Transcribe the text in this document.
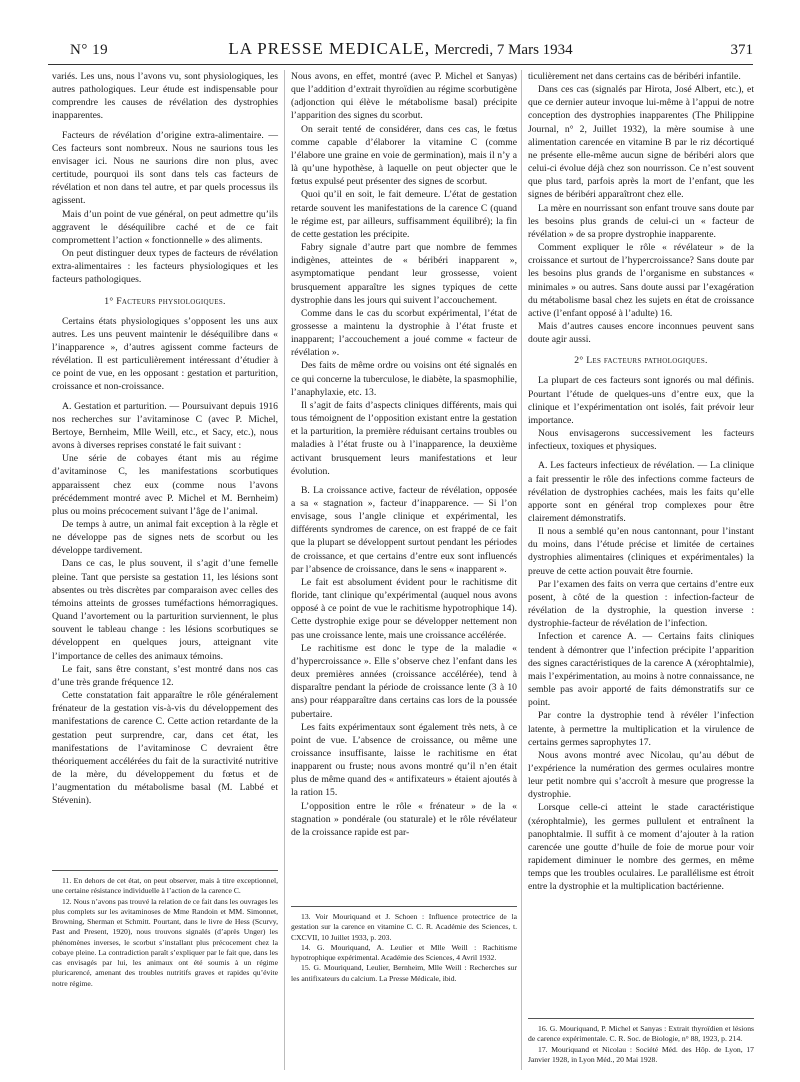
N° 19	LA PRESSE MEDICALE, Mercredi, 7 Mars 1934	371

variés. Les uns, nous l’avons vu, sont physiologiques, les autres pathologiques. Leur étude est indispensable pour comprendre les causes de révélation des dystrophies inapparentes.

Facteurs de révélation d’origine extra-alimentaire. — Ces facteurs sont nombreux. Nous ne saurions tous les envisager ici. Nous ne saurions dire non plus, avec certitude, pourquoi ils sont dans tels cas facteurs de révélation et non dans tel autre, et par quels processus ils agissent.

Mais d’un point de vue général, on peut admettre qu’ils aggravent le déséquilibre caché et de ce fait compromettent l’action « fonctionnelle » des aliments.

On peut distinguer deux types de facteurs de révélation extra-alimentaires : les facteurs physiologiques et les facteurs pathologiques.

1° Facteurs physiologiques.

Certains états physiologiques s’opposent les uns aux autres. Les uns peuvent maintenir le déséquilibre dans « l’inapparence », d’autres agissent comme facteurs de révélation. Il est particulièrement intéressant d’étudier à ce point de vue, en les opposant : gestation et parturition, croissance et non-croissance.

A. Gestation et parturition. — Poursuivant depuis 1916 nos recherches sur l’avitaminose C (avec P. Michel, Bertoye, Bernheim, Mlle Weill, etc., et Sacy, etc.), nous avons à diverses reprises constaté le fait suivant :

Une série de cobayes étant mis au régime d’avitaminose C, les manifestations scorbutiques apparaissent chez eux (comme nous l’avons précédemment montré avec P. Michel et M. Bernheim) plus ou moins précocement suivant l’âge de l’animal.

De temps à autre, un animal fait exception à la règle et ne développe pas de signes nets de scorbut ou les développe tardivement.

Dans ce cas, le plus souvent, il s’agit d’une femelle pleine. Tant que persiste sa gestation 11, les lésions sont absentes ou très discrètes par comparaison avec celles des témoins atteints de grosses tuméfactions hémorragiques. Quand l’avortement ou la parturition surviennent, le plus souvent le tableau change : les lésions scorbutiques se développent en quelques jours, atteignant vite l’importance de celles des animaux témoins.

Le fait, sans être constant, s’est montré dans nos cas d’une très grande fréquence 12.

Cette constatation fait apparaître le rôle généralement frénateur de la gestation vis-à-vis du développement des manifestations de carence C. Cette action retardante de la gestation peut surprendre, car, dans cet état, les manifestations de l’avitaminose C devraient être théoriquement accélérées du fait de la suractivité nutritive de la mère, du développement du fœtus et de l’augmentation du métabolisme basal (M. Labbé et Stévenin).

Nous avons, en effet, montré (avec P. Michel et Sanyas) que l’addition d’extrait thyroïdien au régime scorbutigène (adjonction qui élève le métabolisme basal) précipite l’apparition des signes du scorbut.

On serait tenté de considérer, dans ces cas, le fœtus comme capable d’élaborer la vitamine C (comme l’élabore une graine en voie de germination), mais il n’y a là qu’une hypothèse, à laquelle on peut objecter que le fœtus expulsé peut présenter des signes de scorbut.

Quoi qu’il en soit, le fait demeure. L’état de gestation retarde souvent les manifestations de la carence C (quand le régime est, par ailleurs, suffisamment équilibré); la fin de cette gestation les précipite.

Fabry signale d’autre part que nombre de femmes indigènes, atteintes de « béribéri inapparent », asymptomatique pendant leur grossesse, voient brusquement apparaître les signes typiques de cette dystrophie dans les jours qui suivent l’accouchement.

Comme dans le cas du scorbut expérimental, l’état de grossesse a maintenu la dystrophie à l’état fruste et inapparent; l’accouchement a joué comme « facteur de révélation ».

Des faits de même ordre ou voisins ont été signalés en ce qui concerne la tuberculose, le diabète, la spasmophilie, l’anaphylaxie, etc. 13.

Il s’agit de faits d’aspects cliniques différents, mais qui tous témoignent de l’opposition existant entre la gestation et la parturition, la première réduisant certains troubles ou maladies à l’état fruste ou à l’inapparence, la deuxième activant brusquement leurs manifestations et leur évolution.

B. La croissance active, facteur de révélation, opposée a sa « stagnation », facteur d’inapparence. — Si l’on envisage, sous l’angle clinique et expérimental, les différents syndromes de carence, on est frappé de ce fait que la plupart se développent surtout pendant les périodes de croissance, et que certains d’entre eux sont influencés par l’absence de croissance, dans le sens « inapparent ».

Le fait est absolument évident pour le rachitisme dit floride, tant clinique qu’expérimental (auquel nous avons opposé à ce point de vue le rachitisme hypotrophique 14). Cette dystrophie exige pour se développer nettement non pas une croissance lente, mais une croissance accélérée.

Le rachitisme est donc le type de la maladie « d’hypercroissance ». Elle s’observe chez l’enfant dans les deux premières années (croissance accélérée), tend à disparaître pendant la période de croissance lente (3 à 10 ans) pour réapparaître dans certains cas lors de la poussée pubertaire.

Les faits expérimentaux sont également très nets, à ce point de vue. L’absence de croissance, ou même une croissance insuffisante, laisse le rachitisme en état inapparent ou fruste; nous avons montré qu’il n’en était plus de même quand des « antifixateurs » étaient ajoutés à la ration 15.

L’opposition entre le rôle « frénateur » de la « stagnation » pondérale (ou staturale) et le rôle révélateur de la croissance rapide est par-

ticulièrement net dans certains cas de béribéri infantile.

Dans ces cas (signalés par Hirota, José Albert, etc.), et que ce dernier auteur invoque lui-même à l’appui de notre conception des dystrophies inapparentes (The Philippine Journal, n° 2, Juillet 1932), la mère soumise à une alimentation carencée en vitamine B par le riz décortiqué ne présente elle-même aucun signe de béribéri alors que celui-ci évolue déjà chez son nourrisson. Ce n’est souvent que plus tard, parfois après la mort de l’enfant, que les signes de béribéri apparaîtront chez elle.

La mère en nourrissant son enfant trouve sans doute par les besoins plus grands de celui-ci un « facteur de révélation » de sa propre dystrophie inapparente.

Comment expliquer le rôle « révélateur » de la croissance et surtout de l’hypercroissance? Sans doute par les besoins plus grands de l’organisme en substances « minimales » ou autres. Sans doute aussi par l’exagération du métabolisme basal chez les sujets en état de croissance active (l’enfant opposé à l’adulte) 16.

Mais d’autres causes encore inconnues peuvent sans doute agir aussi.

2° Les facteurs pathologiques.

La plupart de ces facteurs sont ignorés ou mal définis. Pourtant l’étude de quelques-uns d’entre eux, que la clinique et l’expérimentation ont isolés, fait prévoir leur importance.

Nous envisagerons successivement les facteurs infectieux, toxiques et physiques.

A. Les facteurs infectieux de révélation. — La clinique a fait pressentir le rôle des infections comme facteurs de révélation de dystrophies cachées, mais les faits qu’elle apporte sont en général trop complexes pour être clairement démonstratifs.

Il nous a semblé qu’en nous cantonnant, pour l’instant du moins, dans l’étude précise et limitée de certaines dystrophies alimentaires (cliniques et expérimentales) la preuve de cette action pouvait être fournie.

Par l’examen des faits on verra que certains d’entre eux posent, à côté de la question : infection-facteur de révélation de la dystrophie, la question inverse : dystrophie-facteur de révélation de l’infection.

Infection et carence A. — Certains faits cliniques tendent à démontrer que l’infection précipite l’apparition des signes caractéristiques de la carence A (xérophtalmie), mais l’expérimentation, au moins à notre connaissance, ne semble pas avoir apporté de faits démonstratifs sur ce point.

Par contre la dystrophie tend à révéler l’infection latente, à permettre la multiplication et la virulence de certains germes saprophytes 17.

Nous avons montré avec Nicolau, qu’au début de l’expérience la numération des germes oculaires montre leur petit nombre qui s’accroît à mesure que progresse la dystrophie.

Lorsque celle-ci atteint le stade caractéristique (xérophtalmie), les germes pullulent et entraînent la panophtalmie. Il suffit à ce moment d’ajouter à la ration carencée une goutte d’huile de foie de morue pour voir rapidement diminuer le nombre des germes, en même temps que les troubles oculaires. Le parallélisme est étroit entre la dystrophie et la multiplication bactérienne.

11. En dehors de cet état, on peut observer, mais à titre exceptionnel, une certaine résistance individuelle à l’action de la carence C.

12. Nous n’avons pas trouvé la relation de ce fait dans les ouvrages les plus complets sur les avitaminoses de Mme Randoin et MM. Simonnet, Browning, Sherman et Schmitt. Pourtant, dans le livre de Hess (Scurvy, Past and Present, 1920), nous trouvons signalés (d’après Unger) les phénomènes inverses, le scorbut s’installant plus précocement chez la cobaye pleine. La contradiction paraît s’expliquer par le fait que, dans les cas envisagés par lui, les animaux ont été soumis à un régime pluricarencé, amenant des troubles nutritifs graves et rapides qu’évite notre régime.

13. Voir Mouriquand et J. Schoen : Influence protectrice de la gestation sur la carence en vitamine C. C. R. Académie des Sciences, t. CXCVII, 10 Juillet 1933, p. 203.

14. G. Mouriquand, A. Leulier et Mlle Weill : Rachitisme hypotrophique expérimental. Académie des Sciences, 4 Avril 1932.

15. G. Mouriquand, Leulier, Bernheim, Mlle Weill : Recherches sur les antifixateurs du calcium. La Presse Médicale, ibid.

16. G. Mouriquand, P. Michel et Sanyas : Extrait thyroïdien et lésions de carence expérimentale. C. R. Soc. de Biologie, n° 88, 1923, p. 214.

17. Mouriquand et Nicolau : Société Méd. des Hôp. de Lyon, 17 Janvier 1928, in Lyon Méd., 20 Mai 1928.
